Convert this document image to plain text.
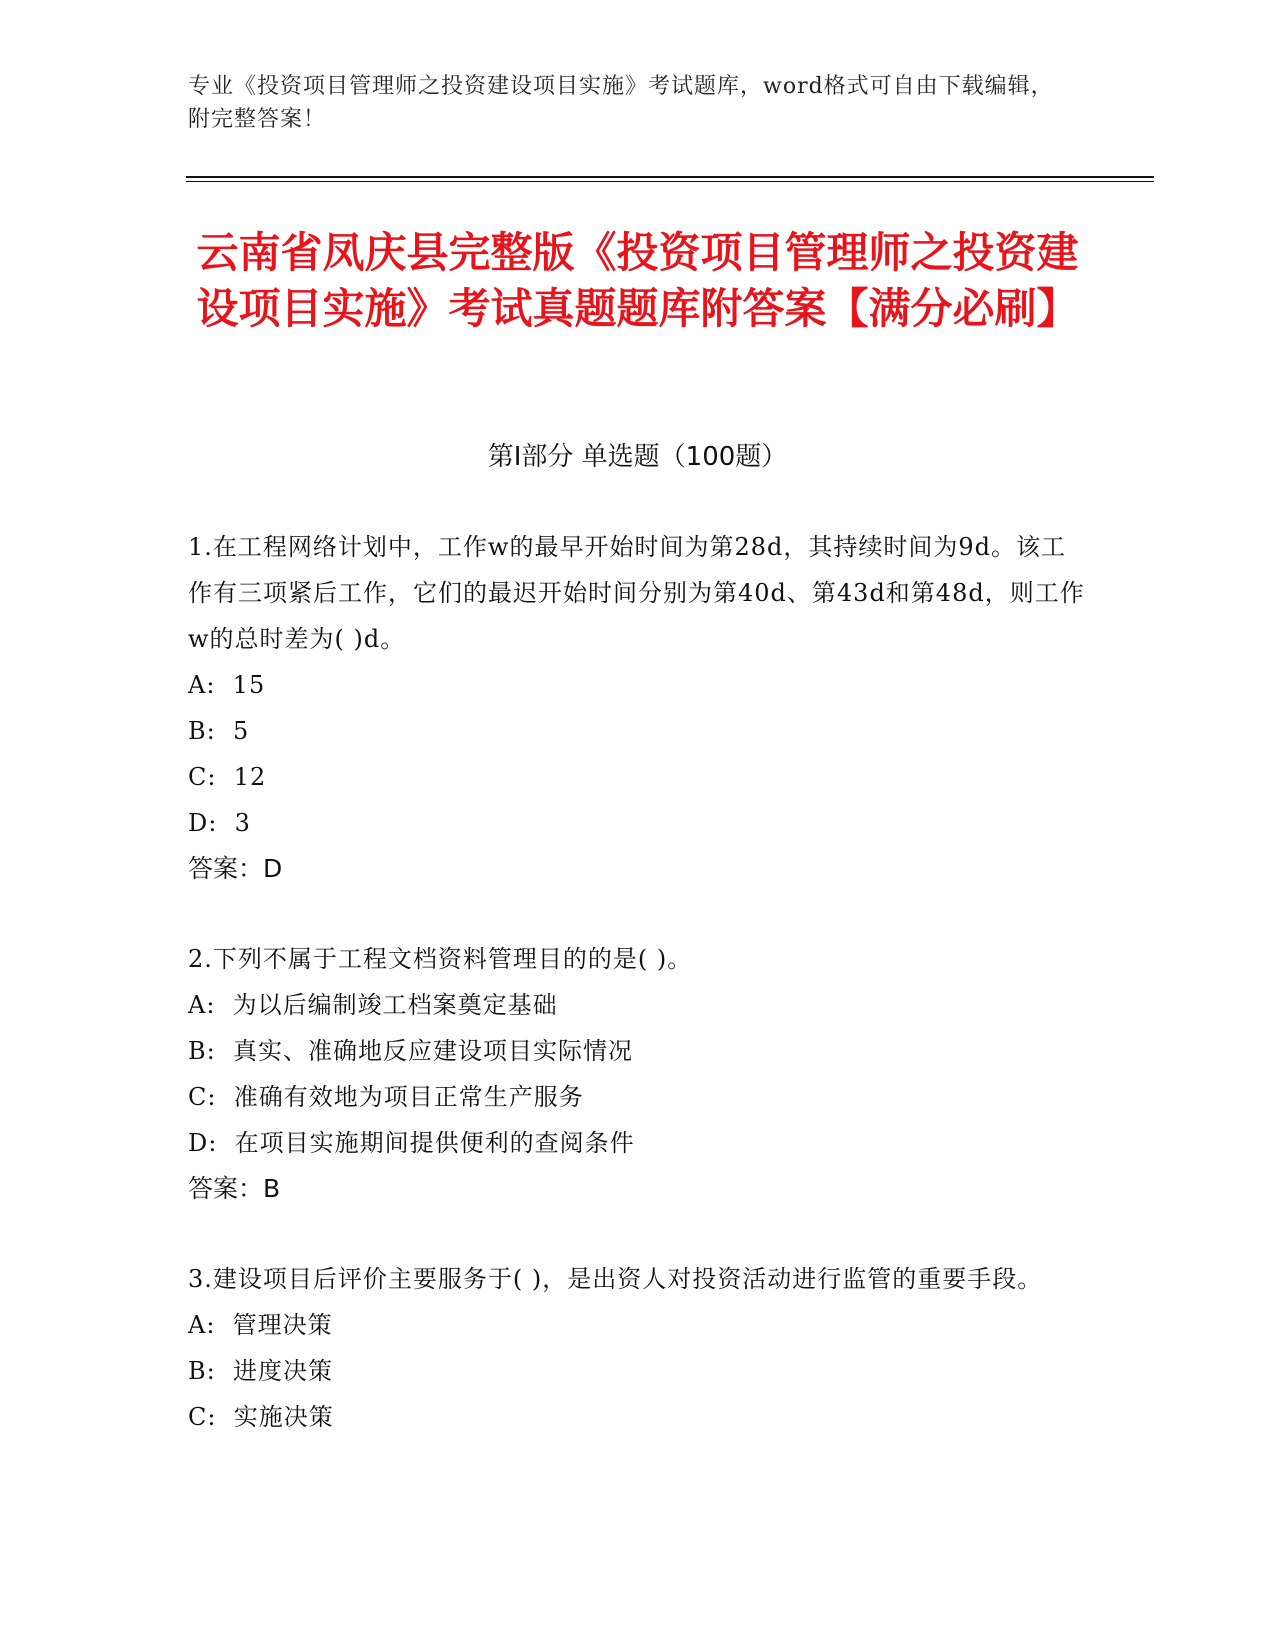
专业《投资项目管理师之投资建设项目实施》考试题库，word格式可自由下载编辑，附完整答案！
云南省凤庆县完整版《投资项目管理师之投资建设项目实施》考试真题题库附答案【满分必刷】
第Ⅰ部分 单选题（100题）

1.在工程网络计划中，工作w的最早开始时间为第28d，其持续时间为9d。该工作有三项紧后工作，它们的最迟开始时间分别为第40d、第43d和第48d，则工作w的总时差为( )d。

A:  15

B:  5

C:  12

D:  3

答案：D

2.下列不属于工程文档资料管理目的的是( )。

A:  为以后编制竣工档案奠定基础

B:  真实、准确地反应建设项目实际情况

C:  准确有效地为项目正常生产服务

D:  在项目实施期间提供便利的查阅条件

答案：B

3.建设项目后评价主要服务于( )，是出资人对投资活动进行监管的重要手段。

A:  管理决策

B:  进度决策

C:  实施决策
